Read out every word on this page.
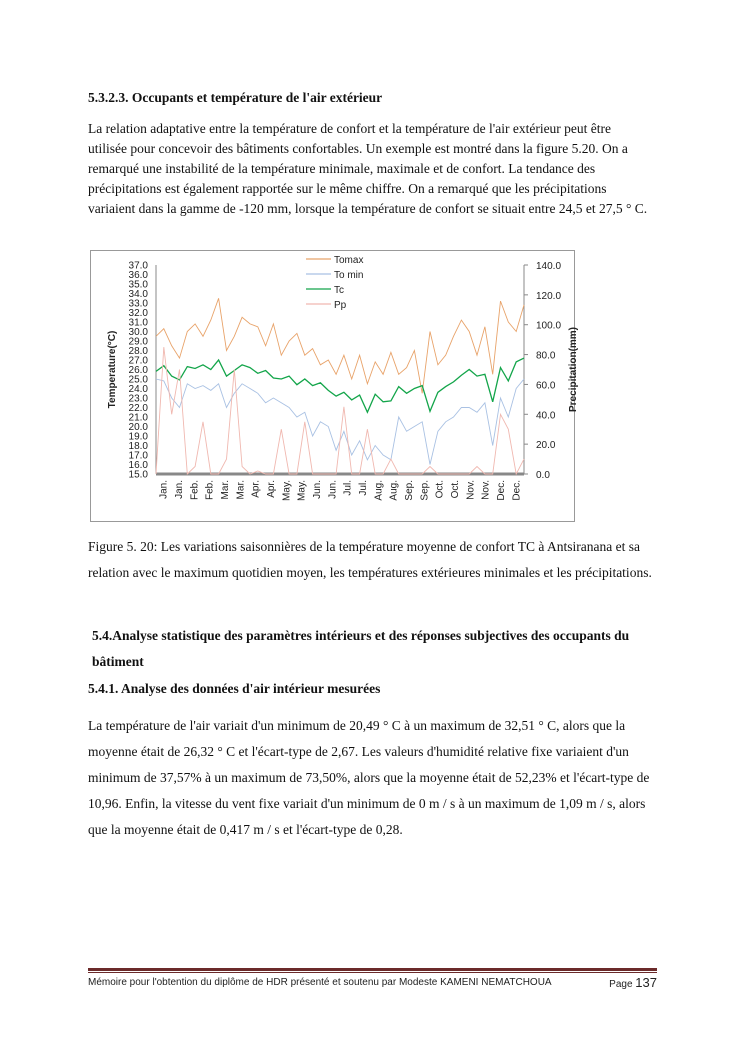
5.3.2.3. Occupants et température de l'air extérieur
La relation adaptative entre la température de confort et la température de l'air extérieur peut être utilisée pour concevoir des bâtiments confortables. Un exemple est montré dans la figure 5.20. On a remarqué une instabilité de la température minimale, maximale et de confort. La tendance des précipitations est également rapportée sur le même chiffre. On a remarqué que les précipitations variaient dans la gamme de -120 mm, lorsque la température de confort se situait entre 24,5 et 27,5 ° C.
15.0
16.0
17.0
18.0
19.0
20.0
21.0
22.0
23.0
24.0
25.0
26.0
27.0
28.0
29.0
30.0
31.0
32.0
33.0
34.0
35.0
36.0
37.0
0.0
20.0
40.0
60.0
80.0
100.0
120.0
140.0
Temperature(°C)	Precipitation(mm)
Jan. Jan. Feb. Feb. Mar. Mar. Apr. Apr. May. May. Jun. Jun. Jul. Jul. Aug. Aug. Sep. Sep. Oct. Oct. Nov. Nov. Dec. Dec.
Tomax
To min
Tc
Pp
Figure 5. 20: Les variations saisonnières de la température moyenne de confort TC à Antsiranana et sa relation avec le maximum quotidien moyen, les températures extérieures minimales et les précipitations.
5.4.Analyse statistique des paramètres intérieurs et des réponses subjectives des occupants du bâtiment
5.4.1. Analyse des données d'air intérieur mesurées
La température de l'air variait d'un minimum de 20,49 ° C à un maximum de 32,51 ° C, alors que la moyenne était de 26,32 ° C et l'écart-type de 2,67. Les valeurs d'humidité relative fixe variaient d'un minimum de 37,57% à un maximum de 73,50%, alors que la moyenne était de 52,23% et l'écart-type de 10,96. Enfin, la vitesse du vent fixe variait d'un minimum de 0 m / s à un maximum de 1,09 m / s, alors que la moyenne était de 0,417 m / s et l'écart-type de 0,28.
Mémoire pour l'obtention du diplôme de HDR présenté et soutenu par Modeste KAMENI NEMATCHOUA	Page 137
